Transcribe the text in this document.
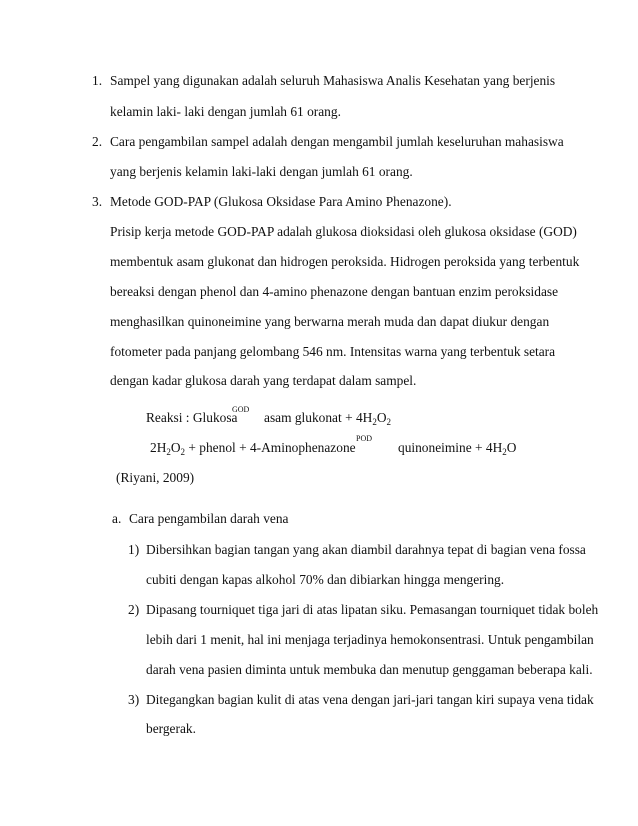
1. Sampel yang digunakan adalah seluruh Mahasiswa Analis Kesehatan yang berjenis
kelamin laki- laki dengan jumlah 61 orang.
2. Cara pengambilan sampel adalah dengan mengambil jumlah keseluruhan mahasiswa
yang berjenis kelamin laki-laki dengan jumlah 61 orang.
3. Metode GOD-PAP (Glukosa Oksidase Para Amino Phenazone).
Prisip kerja metode GOD-PAP adalah glukosa dioksidasi oleh glukosa oksidase (GOD)
membentuk asam glukonat dan hidrogen peroksida. Hidrogen peroksida yang terbentuk
bereaksi dengan phenol dan 4-amino phenazone dengan bantuan enzim peroksidase
menghasilkan quinoneimine yang berwarna merah muda dan dapat diukur dengan
fotometer pada panjang gelombang 546 nm. Intensitas warna yang terbentuk setara
dengan kadar glukosa darah yang terdapat dalam sampel.
Reaksi : Glukosa
GOD
asam glukonat + $4H_2O_2$
$2H_2O_2$ + phenol + 4-Aminophenazone
POD
quinoneimine + $4H_2O$
(Riyani, 2009)
a. Cara pengambilan darah vena
1) Dibersihkan bagian tangan yang akan diambil darahnya tepat di bagian vena fossa
cubiti dengan kapas alkohol 70% dan dibiarkan hingga mengering.
2) Dipasang tourniquet tiga jari di atas lipatan siku. Pemasangan tourniquet tidak boleh
lebih dari 1 menit, hal ini menjaga terjadinya hemokonsentrasi. Untuk pengambilan
darah vena pasien diminta untuk membuka dan menutup genggaman beberapa kali.
3) Ditegangkan bagian kulit di atas vena dengan jari-jari tangan kiri supaya vena tidak
bergerak.
